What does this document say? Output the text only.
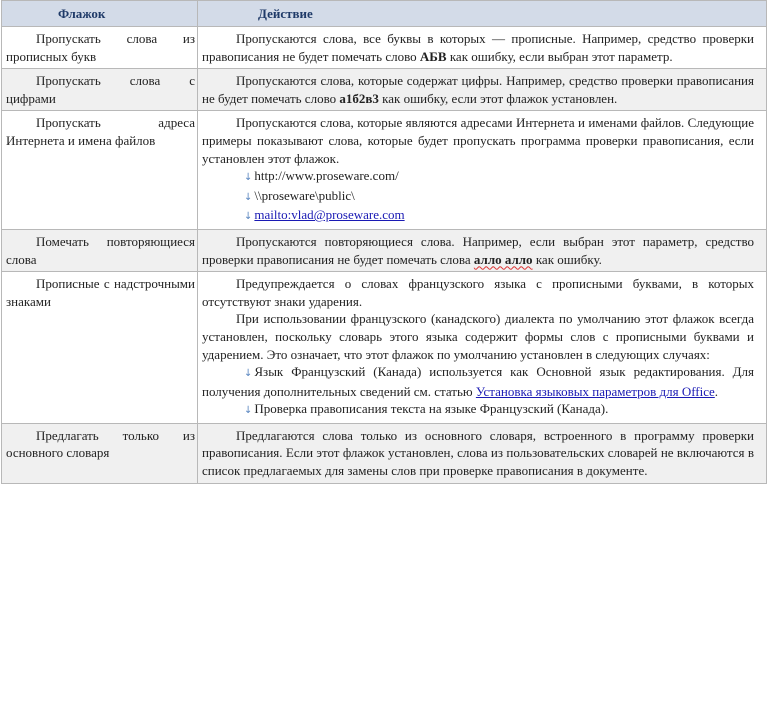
Флажок	Действие

Пропускать слова из прописных букв	Пропускаются слова, все буквы в которых — прописные. Например, средство проверки правописания не будет помечать слово АБВ как ошибку, если выбран этот параметр.

Пропускать слова с цифрами	Пропускаются слова, которые содержат цифры. Например, средство проверки правописания не будет помечать слово а1б2в3 как ошибку, если этот флажок установлен.

Пропускать адреса Интернета и имена файлов	Пропускаются слова, которые являются адресами Интернета и именами файлов. Следующие примеры показывают слова, которые будет пропускать программа проверки правописания, если установлен этот флажок.

↓ http://www.proseware.com/

↓ \\proseware\public\

↓ mailto:vlad@proseware.com

Помечать повторяющиеся слова	Пропускаются повторяющиеся слова. Например, если выбран этот параметр, средство проверки правописания не будет помечать слова алло алло как ошибку.

Прописные с надстрочными знаками	Предупреждается о словах французского языка с прописными буквами, в которых отсутствуют знаки ударения.

При использовании французского (канадского) диалекта по умолчанию этот флажок всегда установлен, поскольку словарь этого языка содержит формы слов с прописными буквами и ударением. Это означает, что этот флажок по умолчанию установлен в следующих случаях:

↓ Язык Французский (Канада) используется как Основной язык редактирования. Для получения дополнительных сведений см. статью Установка языковых параметров для Office.

↓ Проверка правописания текста на языке Французский (Канада).

Предлагать только из основного словаря	Предлагаются слова только из основного словаря, встроенного в программу проверки правописания. Если этот флажок установлен, слова из пользовательских словарей не включаются в список предлагаемых для замены слов при проверке правописания в документе.
